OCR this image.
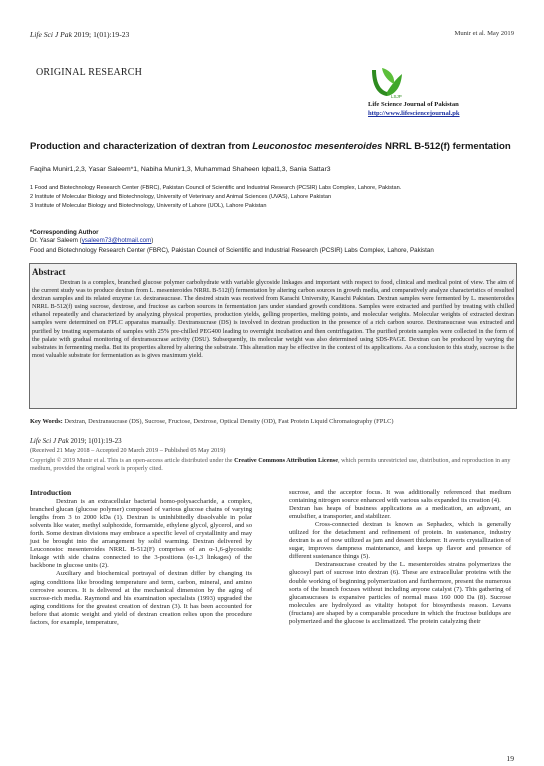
Life Sci J Pak 2019; 1(01):19-23	Munir et al. May 2019
ORIGINAL RESEARCH
LSJP
Life Science Journal of Pakistan
http://www.lifesciencejournal.pk
Production and characterization of dextran from Leuconostoc mesenteroides NRRL B-512(f) fermentation
Faqiha Munir1,2,3, Yasar Saleem*1, Nabiha Munir1,3, Muhammad Shaheen Iqbal1,3, Sania Sattar3
1 Food and Biotechnology Research Center (FBRC), Pakistan Council of Scientific and Industrial Research (PCSIR) Labs Complex, Lahore, Pakistan.
2 Institute of Molecular Biology and Biotechnology, University of Veterinary and Animal Sciences (UVAS), Lahore Pakistan
3 Institute of Molecular Biology and Biotechnology, University of Lahore (UOL), Lahore Pakistan
*Corresponding Author
Dr. Yasar Saleem (ysaleem73@hotmail.com)
Food and Biotechnology Research Center (FBRC), Pakistan Council of Scientific and Industrial Research (PCSIR) Labs Complex, Lahore, Pakistan
Abstract
Dextran is a complex, branched glucose polymer carbohydrate with variable glycoside linkages and important with respect to food, clinical and medical point of view. The aim of the current study was to produce dextran from L. mesenteroides NRRL B-512(f) fermentation by altering carbon sources in growth media, and comparatively analyze characteristics of resulted dextran samples and its related enzyme i.e. dextransucrase. The desired strain was received from Karachi University, Karachi Pakistan. Dextran samples were fermented by L. mesenteroides NRRL B-512(f) using sucrose, dextrose, and fructose as carbon sources in fermentation jars under standard growth conditions. Samples were extracted and purified by treating with chilled ethanol repeatedly and characterized by analyzing physical properties, production yields, gelling properties, melting points, and molecular weights. Molecular weights of extracted dextran samples were determined on FPLC apparatus manually. Dextransucrase (DS) is involved in dextran production in the presence of a rich carbon source. Dextransucrase was extracted and purified by treating supernatants of samples with 25% pre-chilled PEG400 leading to overnight incubation and then centrifugation. The purified protein samples were collected in the form of the palate with gradual monitoring of dextransucrase activity (DSU). Subsequently, its molecular weight was also determined using SDS-PAGE. Dextran can be produced by varying the substrates in fermenting media. But its properties altered by altering the substrate. This alteration may be effective in the context of its applications. As a conclusion to this study, sucrose is the most valuable substrate for fermentation as is gives maximum yield.
Key Words: Dextran, Dextransucrase (DS), Sucrose, Fructose, Dextrose, Optical Density (OD), Fast Protein Liquid Chromatography (FPLC)
Life Sci J Pak 2019; 1(01):19-23
(Received 21 May 2018 – Accepted 20 March 2019 – Published 05 May 2019)
Copyright © 2019 Munir et al. This is an open-access article distributed under the Creative Commons Attribution License, which permits unrestricted use, distribution, and reproduction in any medium, provided the original work is properly cited.
Introduction

Dextran is an extracellular bacterial homo-polysaccharide, a complex, branched glucan (glucose polymer) composed of various glucose chains of varying lengths from 3 to 2000 kDa (1). Dextran is uninhibitedly dissolvable in polar solvents like water, methyl sulphoxide, formamide, ethylene glycol, glycerol, and so forth. Some dextran divisions may embrace a specific level of crystallinity and may just be brought into the arrangement by solid warming. Dextran delivered by Leuconostoc mesenteroides NRRL B-512(F) comprises of an α-1,6-glycosidic linkage with side chains connected to the 3-positions (α-1,3 linkages) of the backbone in glucose units (2).

Auxiliary and biochemical portrayal of dextran differ by changing its aging conditions like brooding temperature and term, carbon, mineral, and amino corrosive sources. It is delivered at the mechanical dimension by the aging of sucrose-rich media. Raymond and his examination specialists (1993) upgraded the aging conditions for the greatest creation of dextran (3). It has been accounted for before that atomic weight and yield of dextran creation relies upon the procedure factors, for example, temperature,

sucrose, and the acceptor focus. It was additionally referenced that medium containing nitrogen source enhanced with various salts expanded its creation (4).

Dextran has heaps of business applications as a medication, an adjuvant, an emulsifier, a transporter, and stabilizer.

Cross-connected dextran is known as Sephadex, which is generally utilized for the detachment and refinement of protein. In sustenance, industry dextran is as of now utilized as jam and dessert thickener. It averts crystallization of sugar, improves dampness maintenance, and keeps up flavor and presence of different sustenance things (5).

Dextransucrase created by the L. mesenteroides strains polymerizes the glucosyl part of sucrose into dextran (6). These are extracellular proteins with the double working of beginning polymerization and furthermore, present the numerous sorts of the branch focuses without including anyone catalyst (7). This gathering of glucansucrases is expansive particles of normal mass 160 000 Da (8). Sucrose molecules are hydrolyzed as vitality hotspot for biosynthesis reason. Levans (fructans) are shaped by a comparable procedure in which the fructose buildups are polymerized and the glucose is acclimatized. The protein catalyzing their

19
